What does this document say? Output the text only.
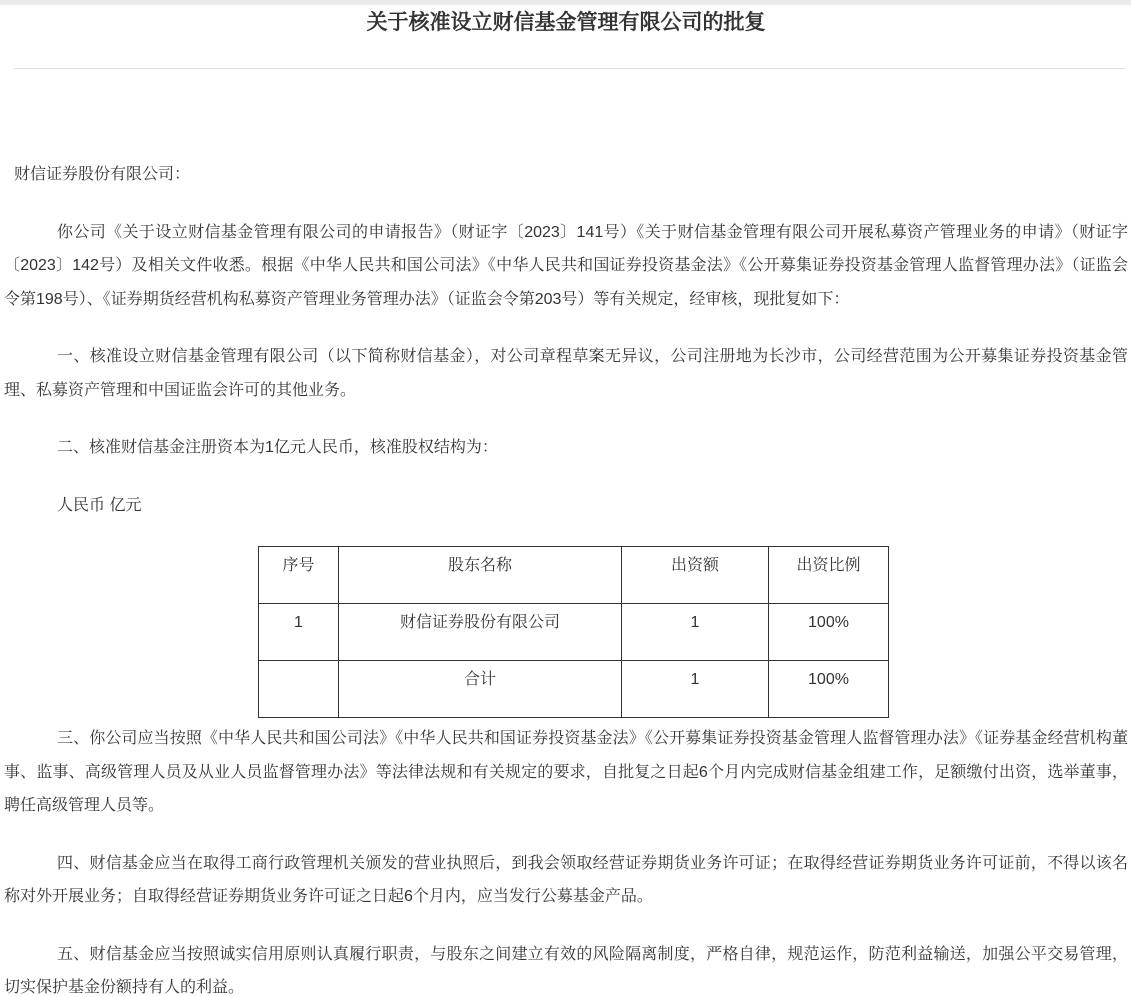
关于核准设立财信基金管理有限公司的批复

财信证券股份有限公司：

你公司《关于设立财信基金管理有限公司的申请报告》（财证字〔2023〕141号）《关于财信基金管理有限公司开展私募资产管理业务的申请》（财证字〔2023〕142号）及相关文件收悉。根据《中华人民共和国公司法》《中华人民共和国证券投资基金法》《公开募集证券投资基金管理人监督管理办法》（证监会令第198号）、《证券期货经营机构私募资产管理业务管理办法》（证监会令第203号）等有关规定，经审核，现批复如下：

一、核准设立财信基金管理有限公司（以下简称财信基金），对公司章程草案无异议，公司注册地为长沙市，公司经营范围为公开募集证券投资基金管理、私募资产管理和中国证监会许可的其他业务。

二、核准财信基金注册资本为1亿元人民币，核准股权结构为：

人民币 亿元

序号	股东名称	出资额	出资比例
1	财信证券股份有限公司	1	100%
	合计	1	100%

三、你公司应当按照《中华人民共和国公司法》《中华人民共和国证券投资基金法》《公开募集证券投资基金管理人监督管理办法》《证券基金经营机构董事、监事、高级管理人员及从业人员监督管理办法》等法律法规和有关规定的要求，自批复之日起6个月内完成财信基金组建工作，足额缴付出资，选举董事，聘任高级管理人员等。

四、财信基金应当在取得工商行政管理机关颁发的营业执照后，到我会领取经营证券期货业务许可证；在取得经营证券期货业务许可证前，不得以该名称对外开展业务；自取得经营证券期货业务许可证之日起6个月内，应当发行公募基金产品。

五、财信基金应当按照诚实信用原则认真履行职责，与股东之间建立有效的风险隔离制度，严格自律，规范运作，防范利益输送，加强公平交易管理，切实保护基金份额持有人的利益。
